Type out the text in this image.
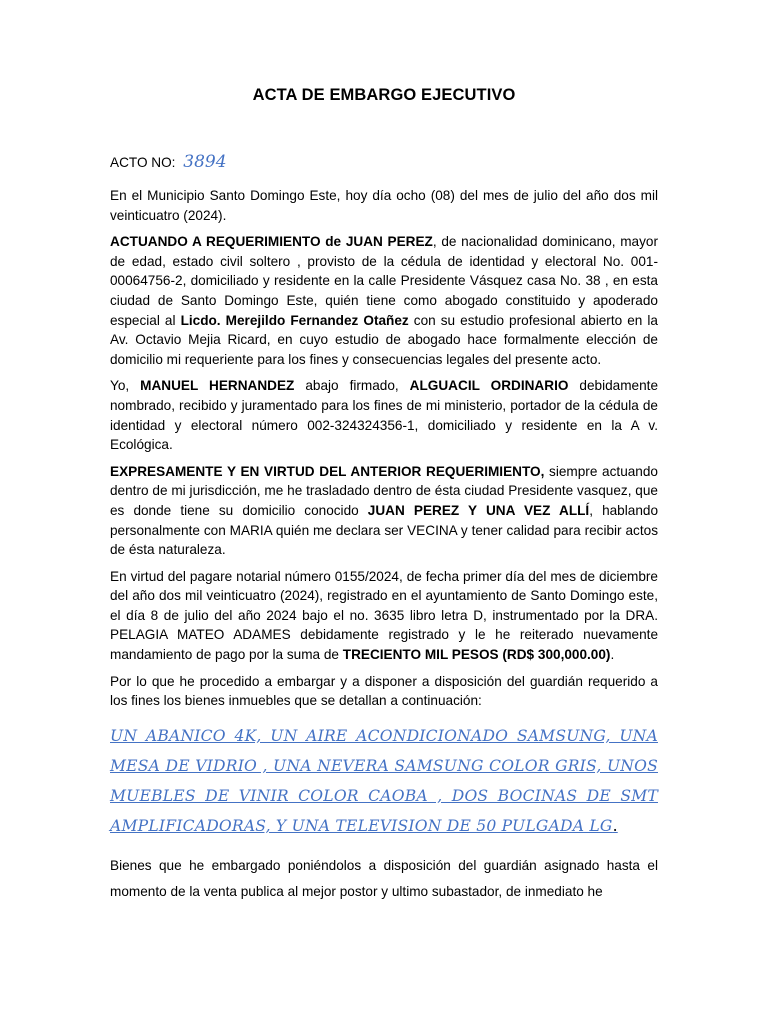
ACTA DE EMBARGO EJECUTIVO
ACTO NO: 3894

En el Municipio Santo Domingo Este, hoy día ocho (08) del mes de julio del año dos mil veinticuatro (2024).

ACTUANDO A REQUERIMIENTO de JUAN PEREZ, de nacionalidad dominicano, mayor de edad, estado civil soltero , provisto de la cédula de identidad y electoral No. 001-00064756-2, domiciliado y residente en la calle Presidente Vásquez casa No. 38 , en esta ciudad de Santo Domingo Este, quién tiene como abogado constituido y apoderado especial al Licdo. Merejildo Fernandez Otañez con su estudio profesional abierto en la Av. Octavio Mejia Ricard, en cuyo estudio de abogado hace formalmente elección de domicilio mi requeriente para los fines y consecuencias legales del presente acto.

Yo, MANUEL HERNANDEZ abajo firmado, ALGUACIL ORDINARIO debidamente nombrado, recibido y juramentado para los fines de mi ministerio, portador de la cédula de identidad y electoral número 002-324324356-1, domiciliado y residente en la A v. Ecológica.

EXPRESAMENTE Y EN VIRTUD DEL ANTERIOR REQUERIMIENTO, siempre actuando dentro de mi jurisdicción, me he trasladado dentro de ésta ciudad Presidente vasquez, que es donde tiene su domicilio conocido JUAN PEREZ Y UNA VEZ ALLÍ, hablando personalmente con MARIA quién me declara ser VECINA y tener calidad para recibir actos de ésta naturaleza.

En virtud del pagare notarial número 0155/2024, de fecha primer día del mes de diciembre del año dos mil veinticuatro (2024), registrado en el ayuntamiento de Santo Domingo este, el día 8 de julio del año 2024 bajo el no. 3635 libro letra D, instrumentado por la DRA. PELAGIA MATEO ADAMES debidamente registrado y le he reiterado nuevamente mandamiento de pago por la suma de TRECIENTO MIL PESOS (RD$ 300,000.00).

Por lo que he procedido a embargar y a disponer a disposición del guardián requerido a los fines los bienes inmuebles que se detallan a continuación:

UN ABANICO 4K, UN AIRE ACONDICIONADO SAMSUNG, UNA MESA DE VIDRIO , UNA NEVERA SAMSUNG COLOR GRIS, UNOS MUEBLES DE VINIR COLOR CAOBA , DOS BOCINAS DE SMT AMPLIFICADORAS, Y UNA TELEVISION DE 50 PULGADA LG.

Bienes que he embargado poniéndolos a disposición del guardián asignado hasta el momento de la venta publica al mejor postor y ultimo subastador, de inmediato he
